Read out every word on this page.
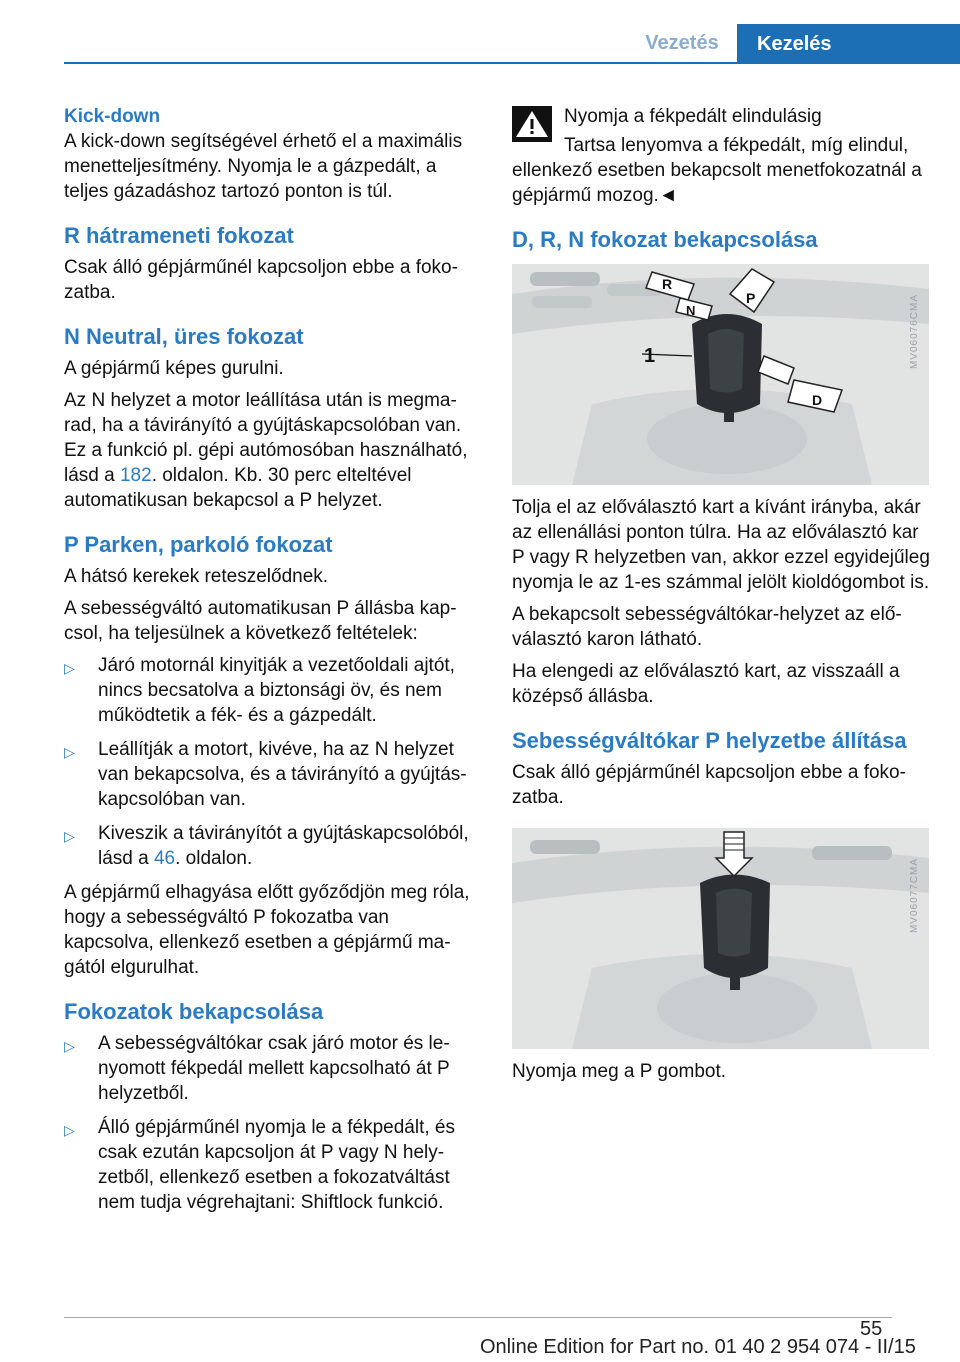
Vezetés	Kezelés
Kick-down

A kick-down segítségével érhető el a maximális menetteljesítmény. Nyomja le a gázpedált, a teljes gázadáshoz tartozó ponton is túl.

R hátrameneti fokozat

Csak álló gépjárműnél kapcsoljon ebbe a fokozatba.

N Neutral, üres fokozat

A gépjármű képes gurulni.

Az N helyzet a motor leállítása után is megmarad, ha a távirányító a gyújtáskapcsolóban van. Ez a funkció pl. gépi autómosóban használható, lásd a 182. oldalon. Kb. 30 perc elteltével automatikusan bekapcsol a P helyzet.

P Parken, parkoló fokozat

A hátsó kerekek reteszelődnek.

A sebességváltó automatikusan P állásba kapcsol, ha teljesülnek a következő feltételek:

▷	Járó motornál kinyitják a vezetőoldali ajtót, nincs becsatolva a biztonsági öv, és nem működtetik a fék- és a gázpedált.
▷	Leállítják a motort, kivéve, ha az N helyzet van bekapcsolva, és a távirányító a gyújtáskapcsolóban van.
▷	Kiveszik a távirányítót a gyújtáskapcsolóból, lásd a 46. oldalon.

A gépjármű elhagyása előtt győződjön meg róla, hogy a sebességváltó P fokozatba van kapcsolva, ellenkező esetben a gépjármű magától elgurulhat.

Fokozatok bekapcsolása
▷	A sebességváltókar csak járó motor és lenyomott fékpedál mellett kapcsolható át P helyzetből.
▷	Álló gépjárműnél nyomja le a fékpedált, és csak ezután kapcsoljon át P vagy N helyzetből, ellenkező esetben a fokozatváltást nem tudja végrehajtani: Shiftlock funkció.

Nyomja a fékpedált elindulásig

Tartsa lenyomva a fékpedált, míg elindul,

ellenkező esetben bekapcsolt menetfokozatnál a gépjármű mozog.◄

D, R, N fokozat bekapcsolása
1
R
N
P
D
MV06076CMA

Tolja el az előválasztó kart a kívánt irányba, akár az ellenállási ponton túlra. Ha az előválasztó kar P vagy R helyzetben van, akkor ezzel egyidejűleg nyomja le az 1-es számmal jelölt kioldógombot is.

A bekapcsolt sebességváltókar-helyzet az előválasztó karon látható.

Ha elengedi az előválasztó kart, az visszaáll a középső állásba.

Sebességváltókar P helyzetbe állítása

Csak álló gépjárműnél kapcsoljon ebbe a fokozatba.

MV06077CMA

Nyomja meg a P gombot.

55
Online Edition for Part no. 01 40 2 954 074 - II/15
